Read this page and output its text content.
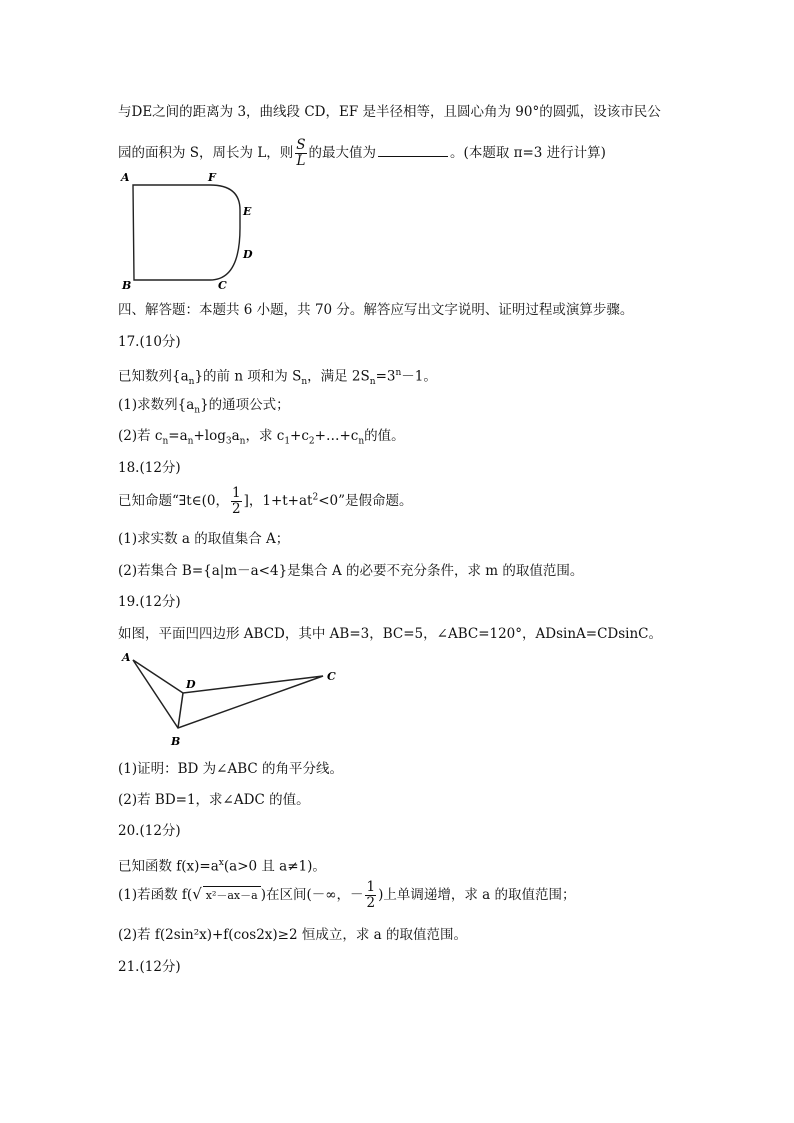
与DE之间的距离为 3，曲线段 CD，EF 是半径相等，且圆心角为 90°的圆弧，设该市民公
园的面积为 S，周长为 L，则 $\frac{S}{L}$ 的最大值为	。(本题取 π=3 进行计算)
A	F
E
D
B	C
四、解答题：本题共 6 小题，共 70 分。解答应写出文字说明、证明过程或演算步骤。
17.(10分)
已知数列$\{a_n\}$的前 n 项和为 $S_n$，满足 $2S_n=3^n-1$。
(1)求数列$\{a_n\}$的通项公式；
(2)若 $c_n=a_n+\log_3a_n$，求 $c_1+c_2+\dots+c_n$的值。
18.(12分)
已知命题“∃t∈(0， $\frac{1}{2}$ ]，$1+t+at^2<0$”是假命题。
(1)求实数 a 的取值集合 A；
(2)若集合 B={a|m－a<4}是集合 A 的必要不充分条件，求 m 的取值范围。
19.(12分)
如图，平面凹四边形 ABCD，其中 AB=3，BC=5，∠ABC=120°，ADsinA=CDsinC。
A
D
C
B
(1)证明：BD 为∠ABC 的角平分线。
(2)若 BD=1，求∠ADC 的值。
20.(12分)
已知函数 $f(x)=a^x(a>0$ 且 a≠1)。
(1)若函数 f(√ x²－ax－a )在区间(－∞，－ $\frac{1}{2}$ )上单调递增，求 a 的取值范围；
(2)若 f(2sin²x)+f(cos2x)≥2 恒成立，求 a 的取值范围。
21.(12分)
